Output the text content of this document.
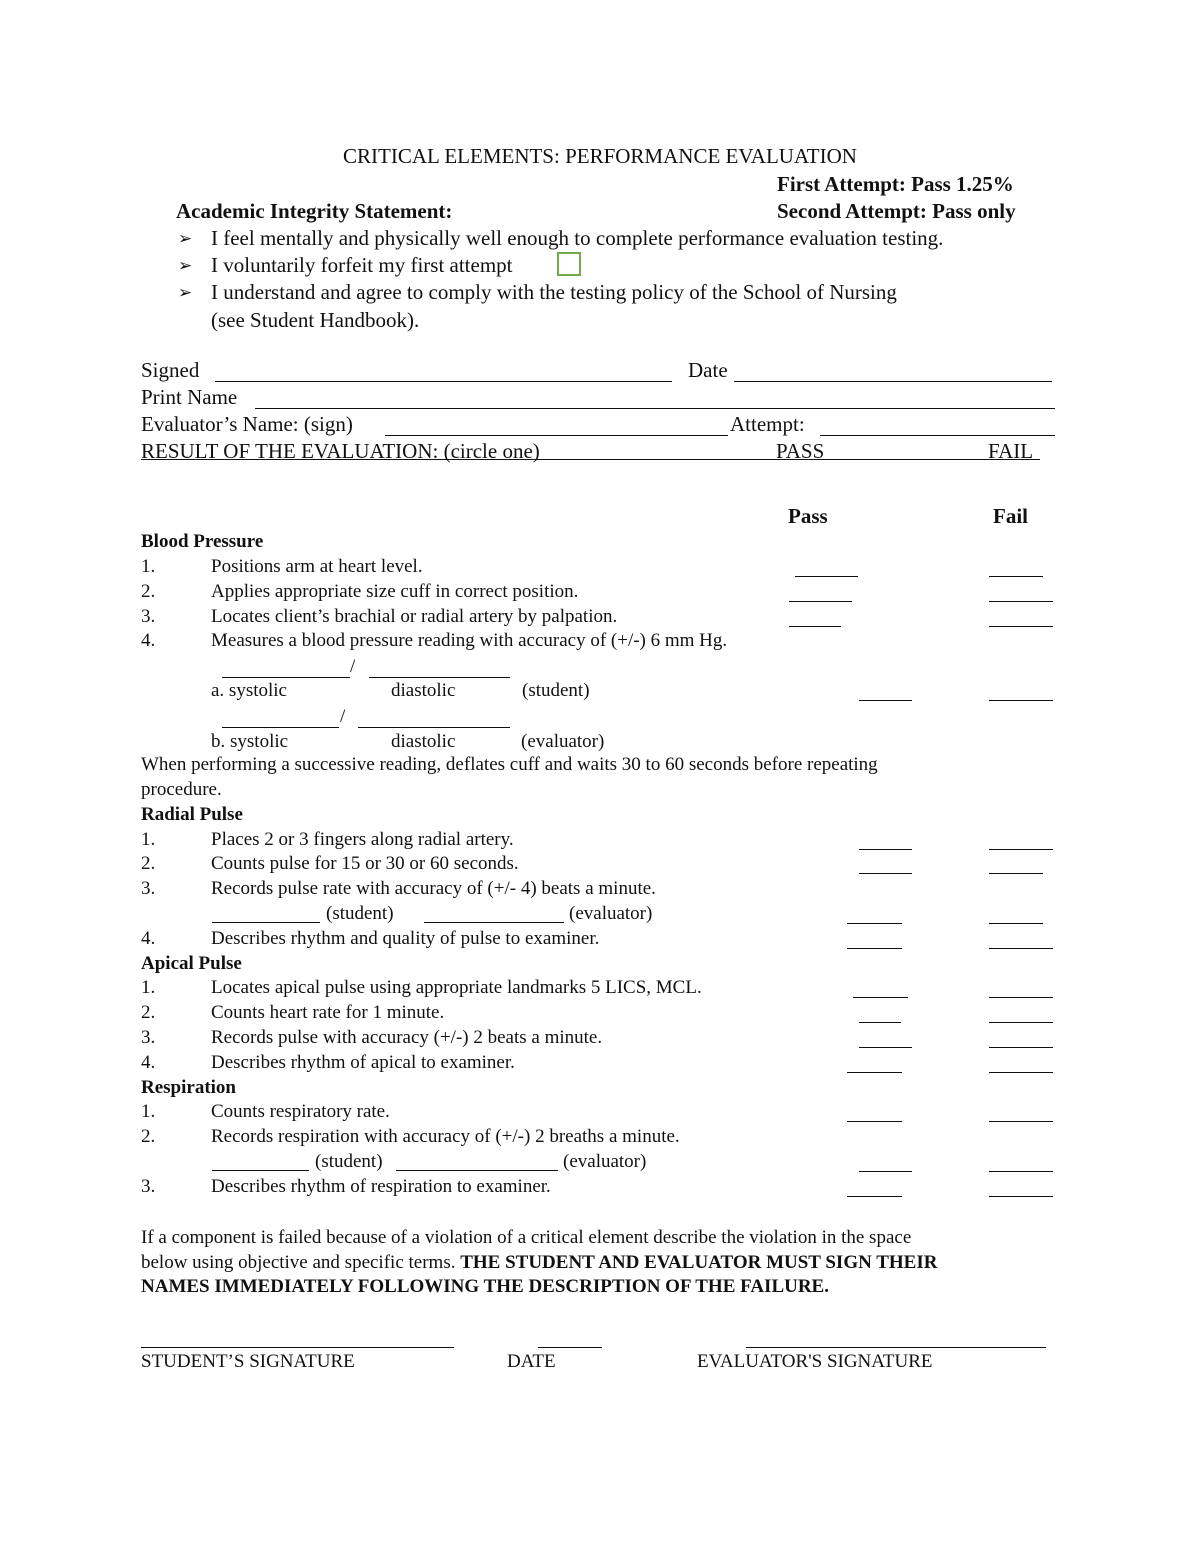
CRITICAL ELEMENTS: PERFORMANCE EVALUATION
First Attempt: Pass 1.25%
Academic Integrity Statement:	Second Attempt: Pass only
➢ I feel mentally and physically well enough to complete performance evaluation testing.
➢ I voluntarily forfeit my first attempt
➢ I understand and agree to comply with the testing policy of the School of Nursing
(see Student Handbook).
Signed	Date
Print Name
Evaluator’s Name: (sign)	Attempt:
RESULT OF THE EVALUATION: (circle one)	PASS	FAIL
Pass	Fail
Blood Pressure
1.	Positions arm at heart level.
2.	Applies appropriate size cuff in correct position.
3.	Locates client’s brachial or radial artery by palpation.
4.	Measures a blood pressure reading with accuracy of (+/-) 6 mm Hg.
/
a. systolic	diastolic	(student)
/
b. systolic	diastolic	(evaluator)
When performing a successive reading, deflates cuff and waits 30 to 60 seconds before repeating
procedure.
Radial Pulse
1.	Places 2 or 3 fingers along radial artery.
2.	Counts pulse for 15 or 30 or 60 seconds.
3.	Records pulse rate with accuracy of (+/- 4) beats a minute.
(student)	(evaluator)
4.	Describes rhythm and quality of pulse to examiner.
Apical Pulse
1.	Locates apical pulse using appropriate landmarks 5 LICS, MCL.
2.	Counts heart rate for 1 minute.
3.	Records pulse with accuracy (+/-) 2 beats a minute.
4.	Describes rhythm of apical to examiner.
Respiration
1.	Counts respiratory rate.
2.	Records respiration with accuracy of (+/-) 2 breaths a minute.
(student)	(evaluator)
3.	Describes rhythm of respiration to examiner.
If a component is failed because of a violation of a critical element describe the violation in the space
below using objective and specific terms. THE STUDENT AND EVALUATOR MUST SIGN THEIR
NAMES IMMEDIATELY FOLLOWING THE DESCRIPTION OF THE FAILURE.
STUDENT’S SIGNATURE	DATE	EVALUATOR'S SIGNATURE
